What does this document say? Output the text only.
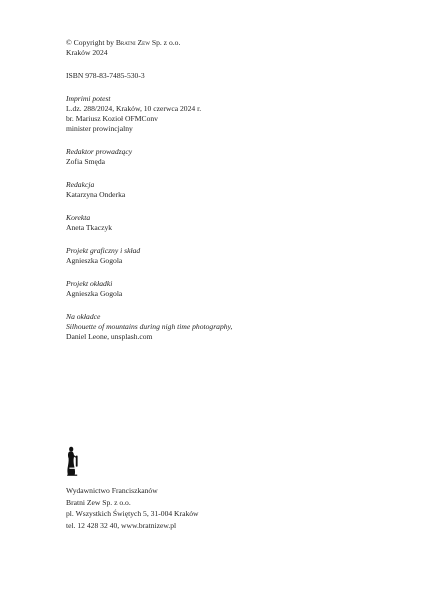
© Copyright by Bratni Zew Sp. z o.o.
Kraków 2024
ISBN 978-83-7485-530-3
Imprimi potest
L.dz. 288/2024, Kraków, 10 czerwca 2024 r.
br. Mariusz Kozioł OFMConv
minister prowincjalny
Redaktor prowadzący
Zofia Smęda
Redakcja
Katarzyna Onderka
Korekta
Aneta Tkaczyk
Projekt graficzny i skład
Agnieszka Gogola
Projekt okładki
Agnieszka Gogola
Na okładce
Silhouette of mountains during nigh time photography,
Daniel Leone, unsplash.com
Wydawnictwo Franciszkanów
Bratni Zew Sp. z o.o.
pl. Wszystkich Świętych 5, 31-004 Kraków
tel. 12 428 32 40, www.bratnizew.pl
